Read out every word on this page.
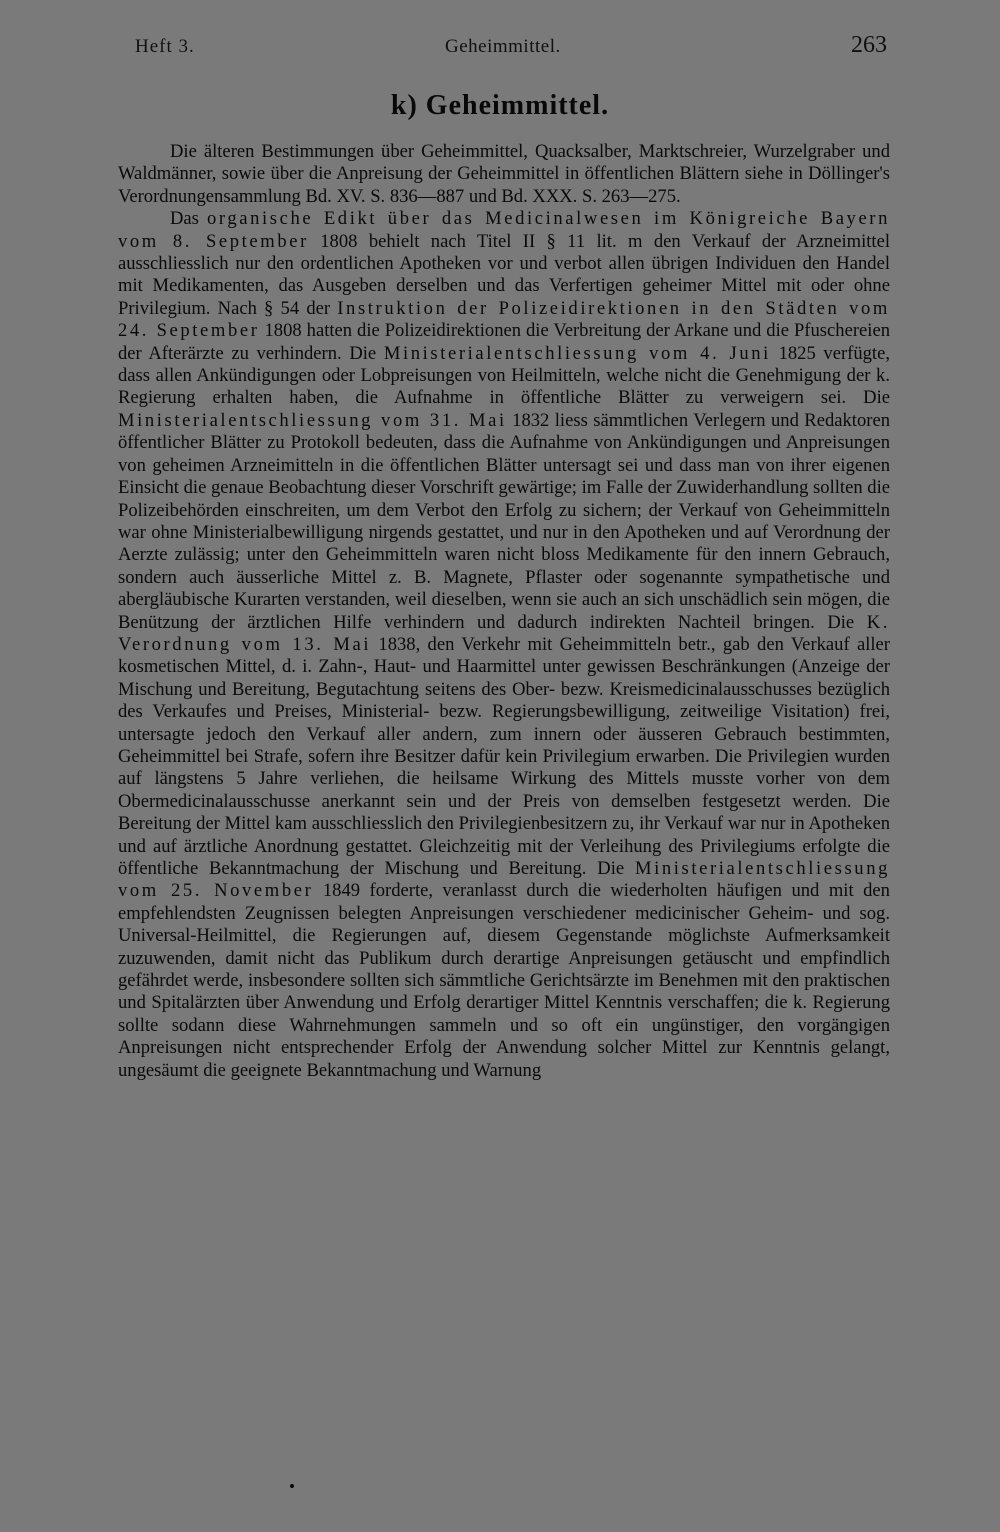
Heft 3.	Geheimmittel.	263
k) Geheimmittel.

Die älteren Bestimmungen über Geheimmittel, Quacksalber, Marktschreier, Wurzelgraber und Waldmänner, sowie über die Anpreisung der Geheimmittel in öffentlichen Blättern siehe in Döllinger's Verordnungensammlung Bd. XV. S. 836—887 und Bd. XXX. S. 263—275.

Das organische Edikt über das Medicinalwesen im Königreiche Bayern vom 8. September 1808 behielt nach Titel II § 11 lit. m den Verkauf der Arzneimittel ausschliesslich nur den ordentlichen Apotheken vor und verbot allen übrigen Individuen den Handel mit Medikamenten, das Ausgeben derselben und das Verfertigen geheimer Mittel mit oder ohne Privilegium. Nach § 54 der Instruktion der Polizeidirektionen in den Städten vom 24. September 1808 hatten die Polizeidirektionen die Verbreitung der Arkane und die Pfuschereien der Afterärzte zu verhindern. Die Ministerialentschliessung vom 4. Juni 1825 verfügte, dass allen Ankündigungen oder Lobpreisungen von Heilmitteln, welche nicht die Genehmigung der k. Regierung erhalten haben, die Aufnahme in öffentliche Blätter zu verweigern sei. Die Ministerialentschliessung vom 31. Mai 1832 liess sämmtlichen Verlegern und Redaktoren öffentlicher Blätter zu Protokoll bedeuten, dass die Aufnahme von Ankündigungen und Anpreisungen von geheimen Arzneimitteln in die öffentlichen Blätter untersagt sei und dass man von ihrer eigenen Einsicht die genaue Beobachtung dieser Vorschrift gewärtige; im Falle der Zuwiderhandlung sollten die Polizeibehörden einschreiten, um dem Verbot den Erfolg zu sichern; der Verkauf von Geheimmitteln war ohne Ministerialbewilligung nirgends gestattet, und nur in den Apotheken und auf Verordnung der Aerzte zulässig; unter den Geheimmitteln waren nicht bloss Medikamente für den innern Gebrauch, sondern auch äusserliche Mittel z. B. Magnete, Pflaster oder sogenannte sympathetische und abergläubische Kurarten verstanden, weil dieselben, wenn sie auch an sich unschädlich sein mögen, die Benützung der ärztlichen Hilfe verhindern und dadurch indirekten Nachteil bringen. Die K. Verordnung vom 13. Mai 1838, den Verkehr mit Geheimmitteln betr., gab den Verkauf aller kosmetischen Mittel, d. i. Zahn-, Haut- und Haarmittel unter gewissen Beschränkungen (Anzeige der Mischung und Bereitung, Begutachtung seitens des Ober- bezw. Kreismedicinalausschusses bezüglich des Verkaufes und Preises, Ministerial- bezw. Regierungsbewilligung, zeitweilige Visitation) frei, untersagte jedoch den Verkauf aller andern, zum innern oder äusseren Gebrauch bestimmten, Geheimmittel bei Strafe, sofern ihre Besitzer dafür kein Privilegium erwarben. Die Privilegien wurden auf längstens 5 Jahre verliehen, die heilsame Wirkung des Mittels musste vorher von dem Obermedicinalausschusse anerkannt sein und der Preis von demselben festgesetzt werden. Die Bereitung der Mittel kam ausschliesslich den Privilegienbesitzern zu, ihr Verkauf war nur in Apotheken und auf ärztliche Anordnung gestattet. Gleichzeitig mit der Verleihung des Privilegiums erfolgte die öffentliche Bekanntmachung der Mischung und Bereitung. Die Ministerialentschliessung vom 25. November 1849 forderte, veranlasst durch die wiederholten häufigen und mit den empfehlendsten Zeugnissen belegten Anpreisungen verschiedener medicinischer Geheim- und sog. Universal-Heilmittel, die Regierungen auf, diesem Gegenstande möglichste Aufmerksamkeit zuzuwenden, damit nicht das Publikum durch derartige Anpreisungen getäuscht und empfindlich gefährdet werde, insbesondere sollten sich sämmtliche Gerichtsärzte im Benehmen mit den praktischen und Spitalärzten über Anwendung und Erfolg derartiger Mittel Kenntnis verschaffen; die k. Regierung sollte sodann diese Wahrnehmungen sammeln und so oft ein ungünstiger, den vorgängigen Anpreisungen nicht entsprechender Erfolg der Anwendung solcher Mittel zur Kenntnis gelangt, ungesäumt die geeignete Bekanntmachung und Warnung
